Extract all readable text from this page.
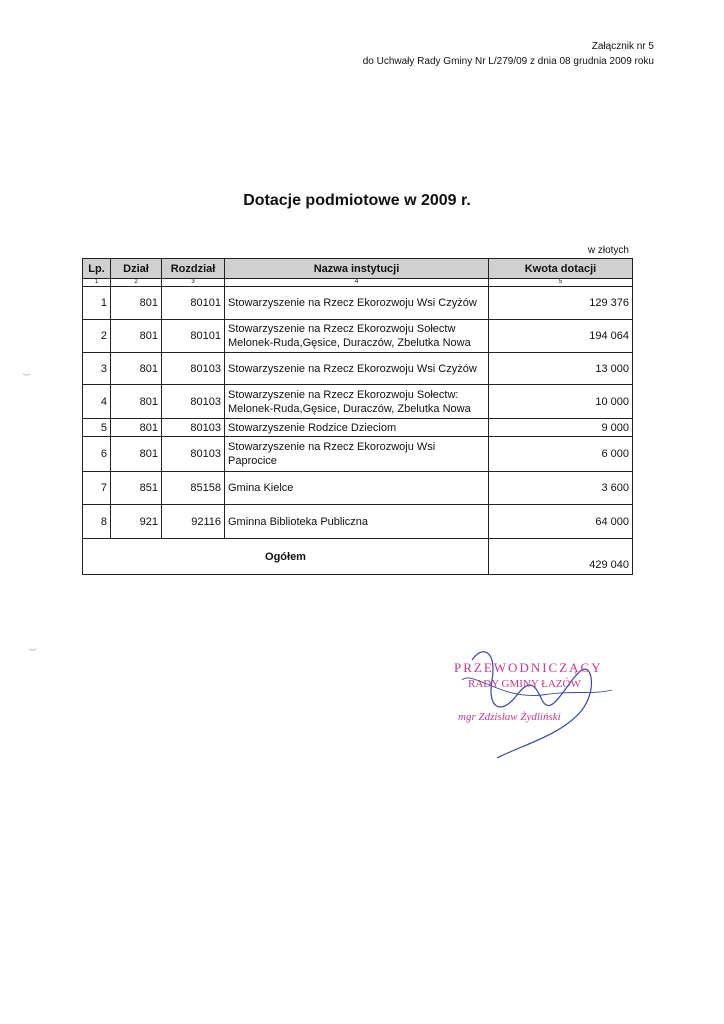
Załącznik nr 5
do Uchwały Rady Gminy Nr L/279/09 z dnia 08 grudnia 2009 roku
Dotacje podmiotowe w 2009 r.
w złotych
Lp.	Dział	Rozdział	Nazwa instytucji	Kwota dotacji
1	2	3	4	5
1	801	80101	Stowarzyszenie na Rzecz Ekorozwoju Wsi Czyżów	129 376
2	801	80101	Stowarzyszenie na Rzecz Ekorozwoju Sołectw Melonek-Ruda,Gęsice, Duraczów, Zbelutka Nowa	194 064
3	801	80103	Stowarzyszenie na Rzecz Ekorozwoju Wsi Czyżów	13 000
4	801	80103	Stowarzyszenie na Rzecz Ekorozwoju Sołectw: Melonek-Ruda,Gęsice, Duraczów, Zbelutka Nowa	10 000
5	801	80103	Stowarzyszenie Rodzice Dzieciom	9 000
6	801	80103	Stowarzyszenie na Rzecz Ekorozwoju Wsi Paprocice	6 000
7	851	85158	Gmina Kielce	3 600
8	921	92116	Gminna Biblioteka Publiczna	64 000
Ogółem				429 040
PRZEWODNICZĄCY
RADY GMINY ŁAZÓW
mgr Zdzisław Żydliński
⌣
⌣
